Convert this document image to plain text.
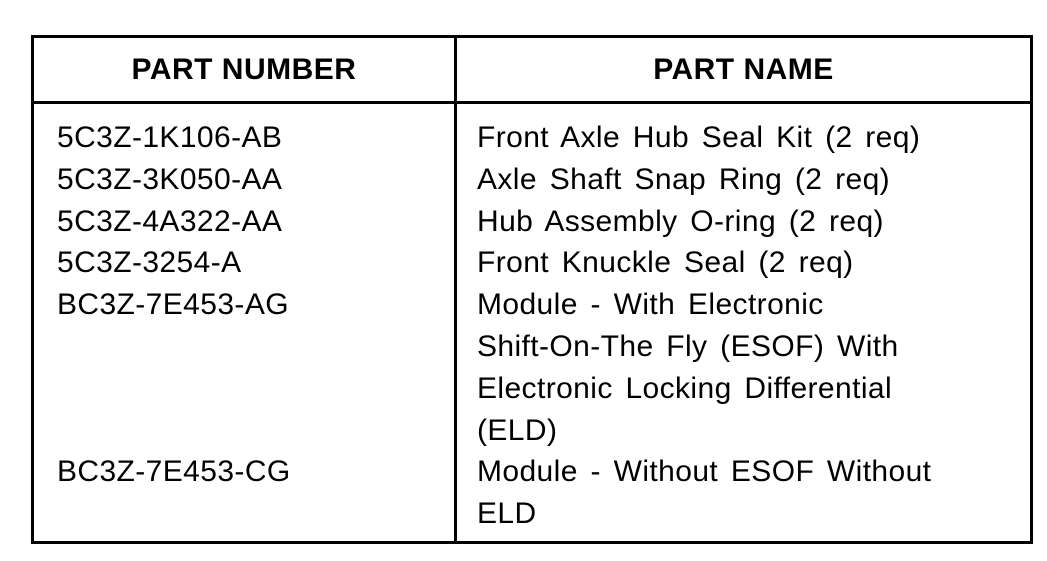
PART NUMBER	PART NAME
5C3Z-1K106-AB
5C3Z-3K050-AA
5C3Z-4A322-AA
5C3Z-3254-A
BC3Z-7E453-AG
BC3Z-7E453-CG
Front Axle Hub Seal Kit (2 req)
Axle Shaft Snap Ring (2 req)
Hub Assembly O-ring (2 req)
Front Knuckle Seal (2 req)
Module - With Electronic
Shift-On-The Fly (ESOF) With
Electronic Locking Differential
(ELD)
Module - Without ESOF Without
ELD
